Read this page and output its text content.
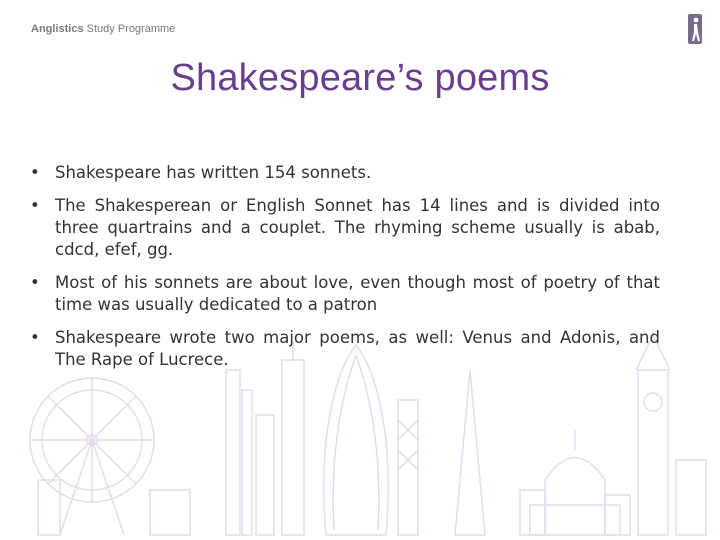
Anglistics Study Programme
Shakespeare’s poems
• Shakespeare has written 154 sonnets.
• The Shakesperean or English Sonnet has 14 lines and is divided into three quartrains and a couplet. The rhyming scheme usually is abab, cdcd, efef, gg.
• Most of his sonnets are about love, even though most of poetry of that time was usually dedicated to a patron
• Shakespeare wrote two major poems, as well: Venus and Adonis, and The Rape of Lucrece.
